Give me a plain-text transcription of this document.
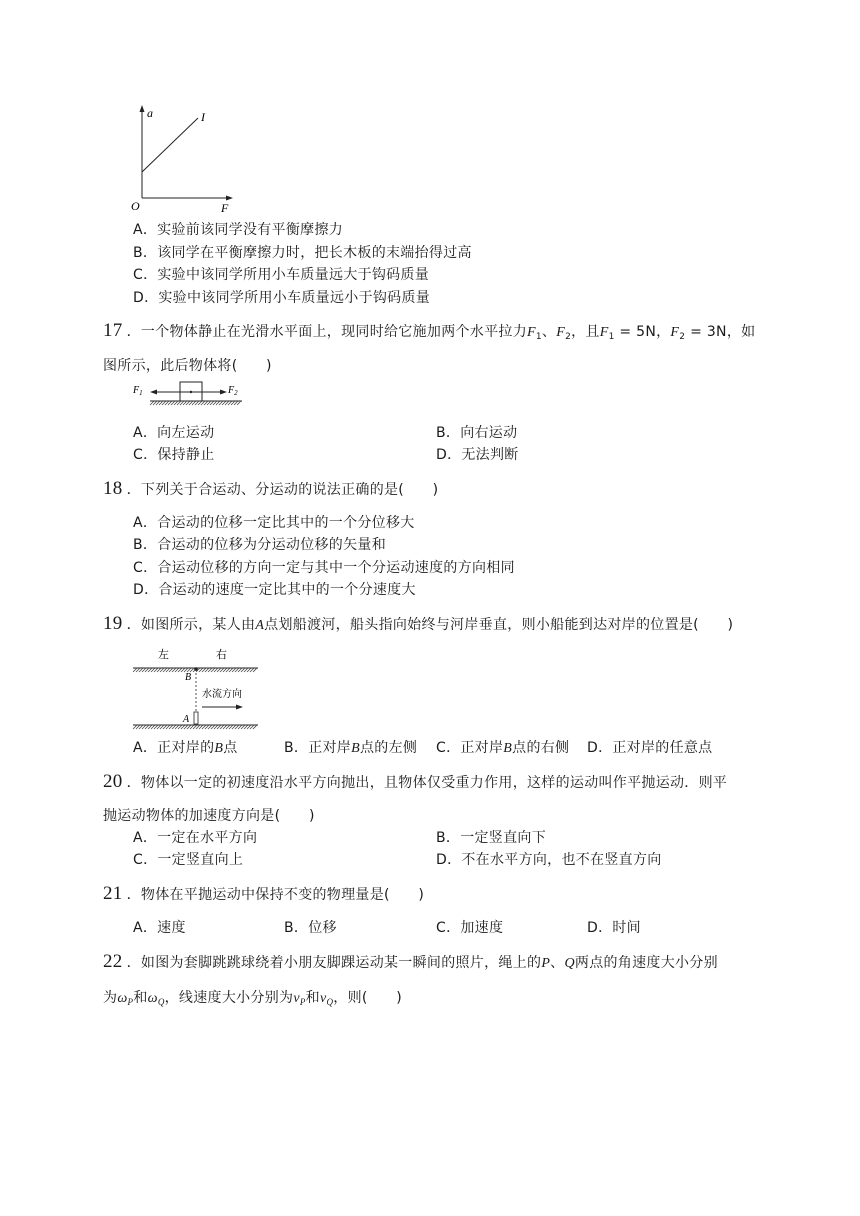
a	I
O	F
A．实验前该同学没有平衡摩擦力
B．该同学在平衡摩擦力时，把长木板的末端抬得过高
C．实验中该同学所用小车质量远大于钩码质量
D．实验中该同学所用小车质量远小于钩码质量
17 ．一个物体静止在光滑水平面上，现同时给它施加两个水平拉力$F_1$、$F_2$，且$F_1 = 5N$，$F_2 = 3N$，如
图所示，此后物体将(　　)
$F_1$	$F_2$
A．向左运动	B．向右运动
C．保持静止	D．无法判断
18 ．下列关于合运动、分运动的说法正确的是(　　)
A．合运动的位移一定比其中的一个分位移大
B．合运动的位移为分运动位移的矢量和
C．合运动位移的方向一定与其中一个分运动速度的方向相同
D．合运动的速度一定比其中的一个分速度大
19 ．如图所示，某人由A点划船渡河，船头指向始终与河岸垂直，则小船能到达对岸的位置是(　　)
左	右
B
水流方向
A
A．正对岸的B点	B．正对岸B点的左侧 C．正对岸B点的右侧 D．正对岸的任意点
20 ．物体以一定的初速度沿水平方向抛出，且物体仅受重力作用，这样的运动叫作平抛运动．则平
抛运动物体的加速度方向是(　　)
A．一定在水平方向	B．一定竖直向下
C．一定竖直向上	D．不在水平方向，也不在竖直方向
21 ．物体在平抛运动中保持不变的物理量是(　　)
A．速度	B．位移	C．加速度	D．时间
22 ．如图为套脚跳跳球绕着小朋友脚踝运动某一瞬间的照片，绳上的P、Q两点的角速度大小分别
为$\omega_P$和$\omega_Q$，线速度大小分别为$v_P$和$v_Q$，则(　　)
